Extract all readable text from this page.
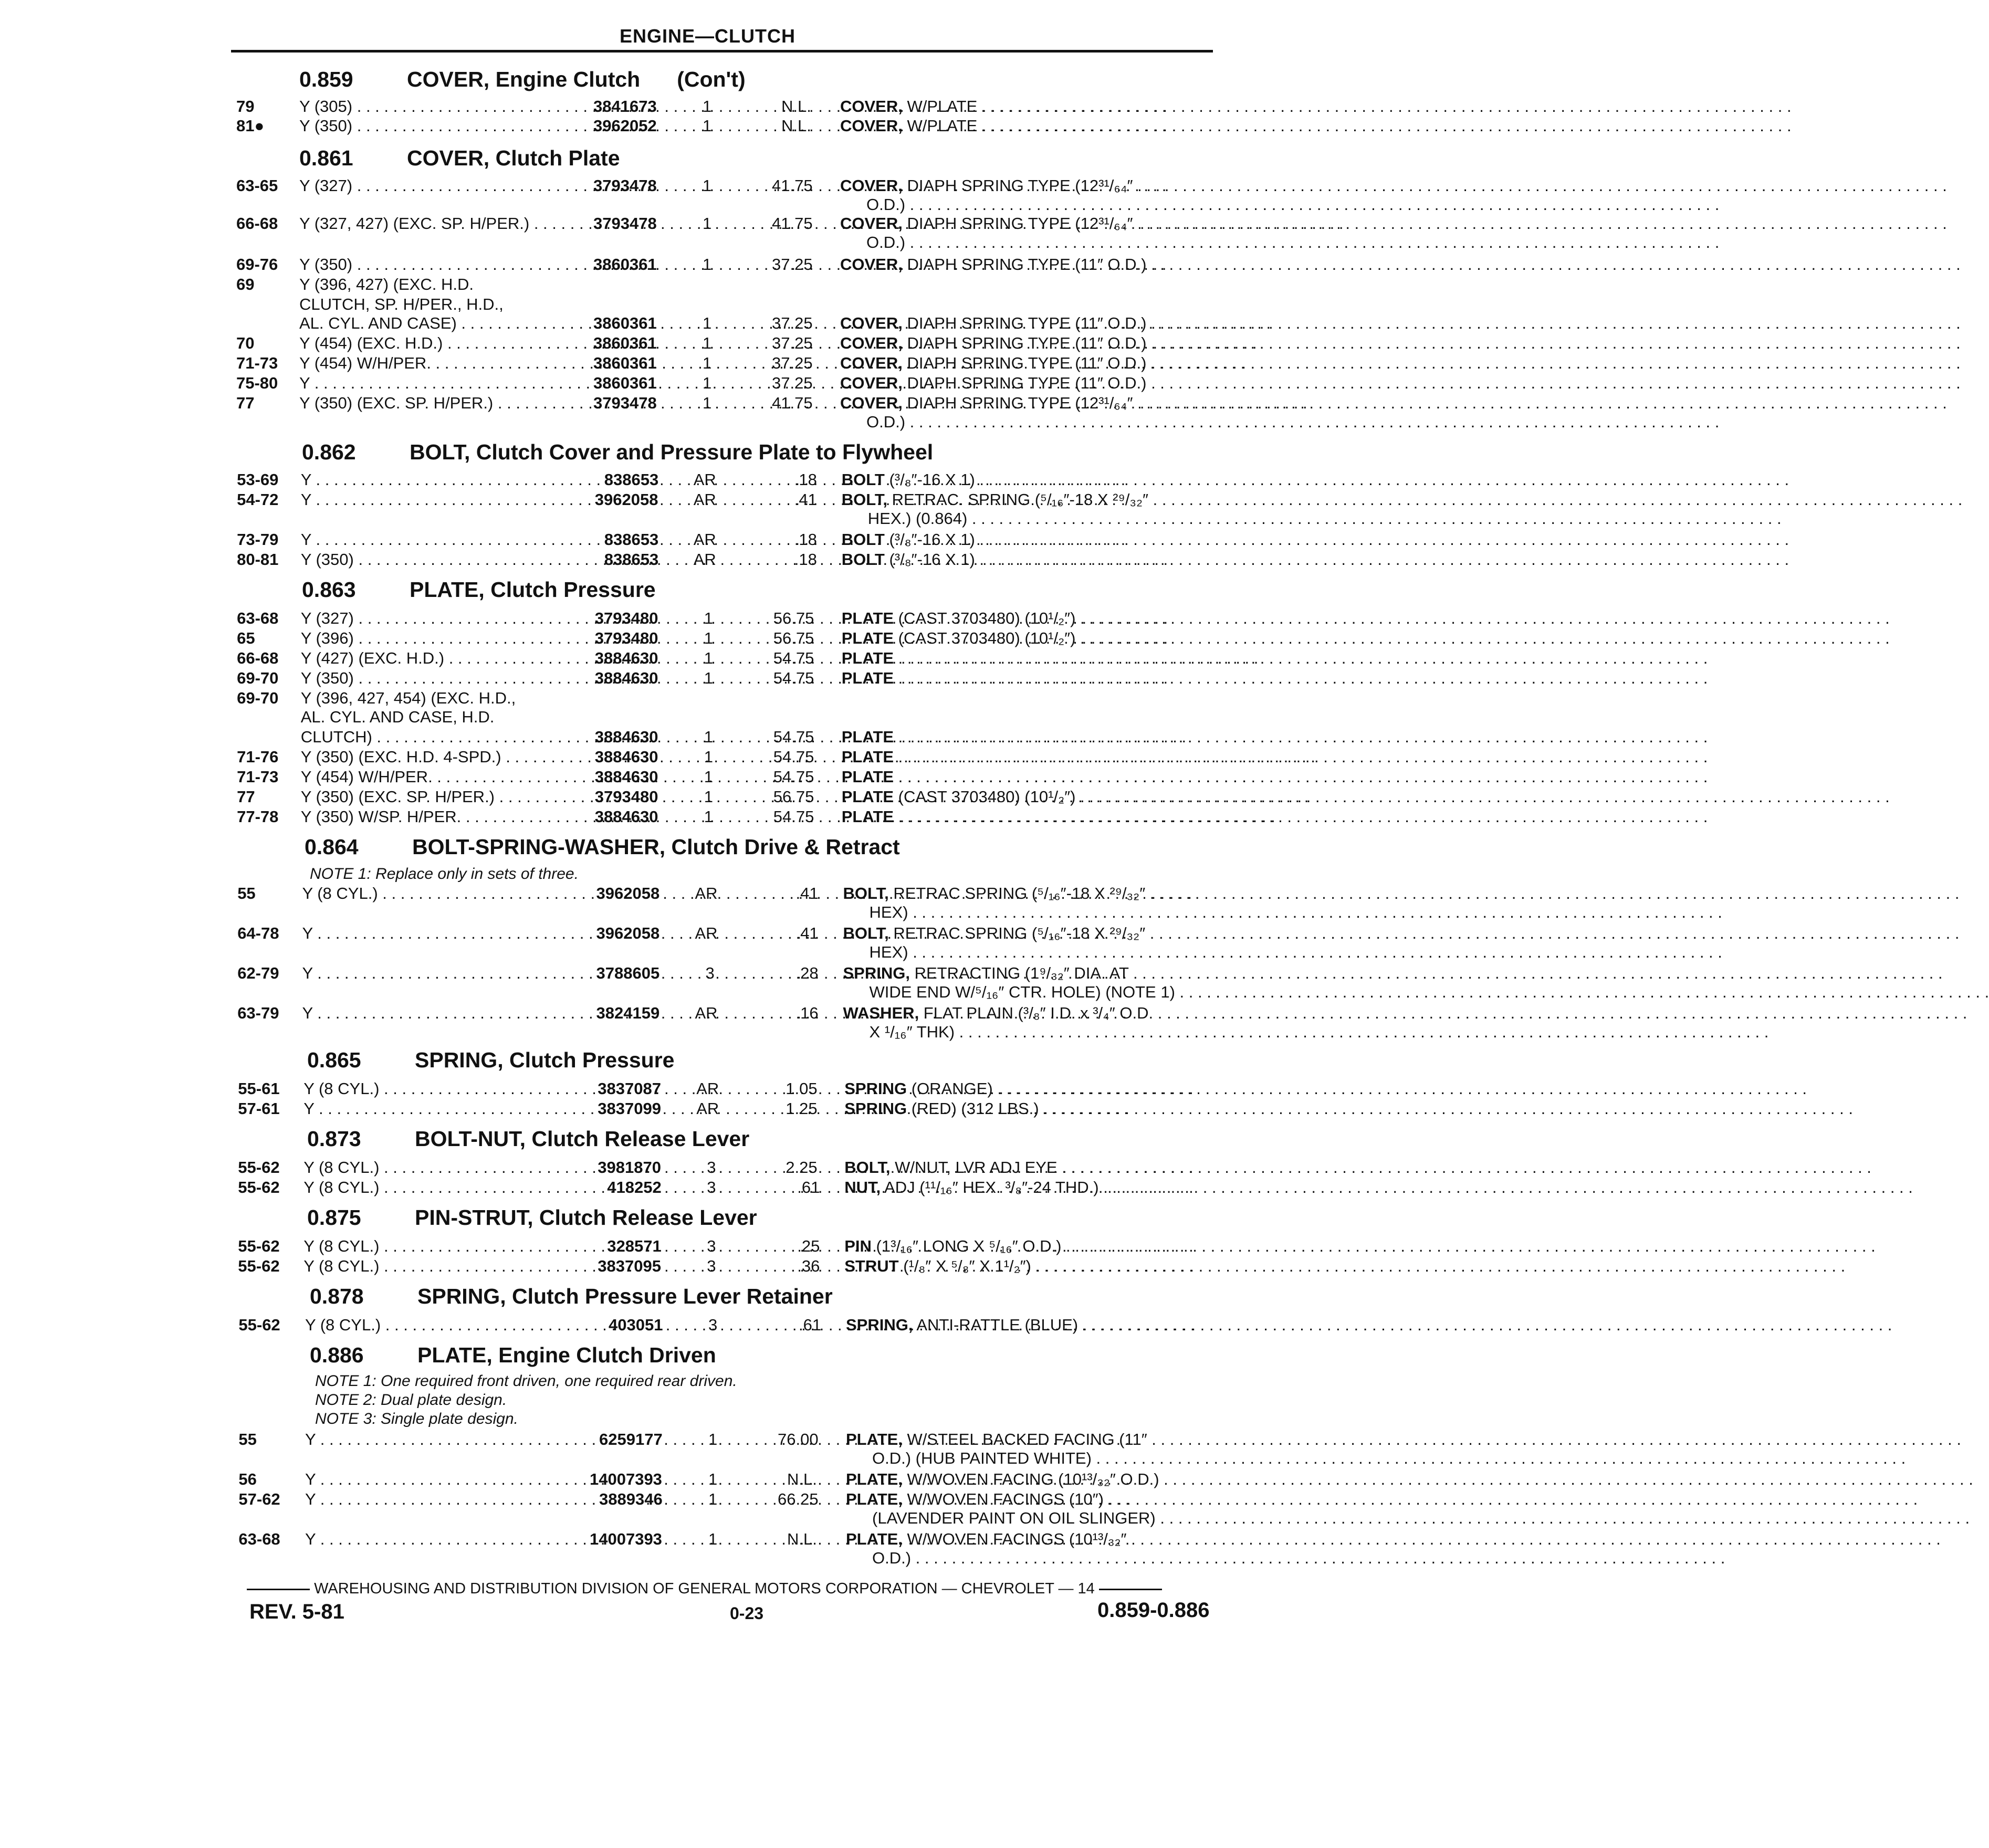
ENGINE—CLUTCH
0.859 COVER, Engine Clutch (Con't)
79	Y (305) . . .	3841673	1	N.L. COVER, W/PLATE . . .
81● Y (350) . . .	3962052	1	N.L. COVER, W/PLATE . . .
0.861 COVER, Clutch Plate
63-65 Y (327) . . .	3793478	1	41.75 COVER, DIAPH SPRING TYPE (12³¹/₆₄″ . . .
O.D.) . . .
66-68 Y (327, 427) (EXC. SP. H/PER.) . . .	3793478	1	41.75 COVER, DIAPH SPRING TYPE (12³¹/₆₄″ . . .
O.D.) . . .
69-76 Y (350) . . .	3860361	1	37.25 COVER, DIAPH SPRING TYPE (11″ O.D.) . . .
69	Y (396, 427) (EXC. H.D.
CLUTCH, SP. H/PER., H.D.,
AL. CYL. AND CASE) . . .	3860361	1	37.25 COVER, DIAPH SPRING TYPE (11″ O.D.) . . .
70	Y (454) (EXC. H.D.) . . .	3860361	1	37.25 COVER, DIAPH SPRING TYPE (11″ O.D.) . . .
71-73 Y (454) W/H/PER. . . .	3860361	1	37.25 COVER, DIAPH SPRING TYPE (11″ O.D.) . . .
75-80 Y . . .	3860361	1	37.25 COVER, DIAPH SPRING TYPE (11″ O.D.) . . .
77	Y (350) (EXC. SP. H/PER.) . . .	3793478	1	41.75 COVER, DIAPH SPRING TYPE (12³¹/₆₄″ . . .
O.D.) . . .
0.862 BOLT, Clutch Cover and Pressure Plate to Flywheel
53-69 Y . . .	838653 AR	.18 BOLT (³/₈″-16 X 1) . . .
54-72 Y . . .	3962058 AR	.41 BOLT, RETRAC. SPRING (⁵/₁₆″-18 X ²⁹/₃₂″ . . .
HEX.) (0.864) . . .
73-79 Y . . .	838653 AR	.18 BOLT (³/₈″-16 X 1) . . .
80-81 Y (350) . . .	838653 AR	.18 BOLT (³/₈″-16 X 1) . . .
0.863 PLATE, Clutch Pressure
63-68 Y (327) . . .	3793480	1	56.75 PLATE (CAST 3703480) (10¹/₂″) . . .
65	Y (396) . . .	3793480	1	56.75 PLATE (CAST 3703480) (10¹/₂″) . . .
66-68 Y (427) (EXC. H.D.) . . .	3884630	1	54.75 PLATE . . .
69-70 Y (350) . . .	3884630	1	54.75 PLATE . . .
69-70 Y (396, 427, 454) (EXC. H.D.,
AL. CYL. AND CASE, H.D.
CLUTCH) . . .	3884630	1	54.75 PLATE . . .
71-76 Y (350) (EXC. H.D. 4-SPD.) . . .	3884630	1	54.75 PLATE . . .
71-73 Y (454) W/H/PER. . . .	3884630	1	54.75 PLATE . . .
77	Y (350) (EXC. SP. H/PER.) . . .	3793480	1	56.75 PLATE (CAST 3703480) (10¹/₂″) . . .
77-78 Y (350) W/SP. H/PER. . . .	3884630	1	54.75 PLATE . . .
0.864 BOLT-SPRING-WASHER, Clutch Drive & Retract
NOTE 1: Replace only in sets of three.
55	Y (8 CYL.) . . .	3962058 AR	.41 BOLT, RETRAC SPRING (⁵/₁₆″-18 X ²⁹/₃₂″ . . .
HEX) . . .
64-78 Y . . .	3962058 AR	.41 BOLT, RETRAC SPRING (⁵/₁₆″-18 X ²⁹/₃₂″ . . .
HEX) . . .
62-79 Y . . .	3788605	3	.28 SPRING, RETRACTING (1⁹/₃₂″ DIA. AT . . .
WIDE END W/⁵/₁₆″ CTR. HOLE) (NOTE 1) . . .
63-79 Y . . .	3824159 AR	.16 WASHER, FLAT PLAIN (³/₈″ I.D. x ³/₄″ O.D. . . .
X ¹/₁₆″ THK) . . .
0.865 SPRING, Clutch Pressure
55-61 Y (8 CYL.) . . .	3837087 AR	1.05 SPRING (ORANGE) . . .
57-61 Y . . .	3837099 AR	1.25 SPRING (RED) (312 LBS.) . . .
0.873 BOLT-NUT, Clutch Release Lever
55-62 Y (8 CYL.) . . .	3981870	3	2.25 BOLT, W/NUT, LVR ADJ EYE . . .
55-62 Y (8 CYL.) . . .	418252	3	.61 NUT, ADJ (¹¹/₁₆″ HEX. ³/₈″-24 THD.) . . .
0.875 PIN-STRUT, Clutch Release Lever
55-62 Y (8 CYL.) . . .	328571	3	.25 PIN (1³/₁₆″ LONG X ⁵/₁₆″ O.D.) . . .
55-62 Y (8 CYL.) . . .	3837095	3	.36 STRUT (¹/₈″ X ⁵/₈″ X 1¹/₂″) . . .
0.878 SPRING, Clutch Pressure Lever Retainer
55-62 Y (8 CYL.) . . .	403051	3	.61 SPRING, ANTI-RATTLE (BLUE) . . .
0.886 PLATE, Engine Clutch Driven
NOTE 1: One required front driven, one required rear driven.
NOTE 2: Dual plate design.
NOTE 3: Single plate design.
55	Y . . .	6259177	1	76.00 PLATE, W/STEEL BACKED FACING (11″ . . .
O.D.) (HUB PAINTED WHITE) . . .
56	Y . . .	14007393	1	N.L. PLATE, W/WOVEN FACING (10¹³/₃₂″ O.D.) . . .
57-62 Y . . .	3889346	1	66.25 PLATE, W/WOVEN FACINGS (10″) . . .
(LAVENDER PAINT ON OIL SLINGER) . . .
63-68 Y . . .	14007393	1	N.L. PLATE, W/WOVEN FACINGS (10¹³/₃₂″ . . .
O.D.) . . .
WAREHOUSING AND DISTRIBUTION DIVISION OF GENERAL MOTORS CORPORATION — CHEVROLET — 14
REV. 5-81	0-23	0.859-0.886
